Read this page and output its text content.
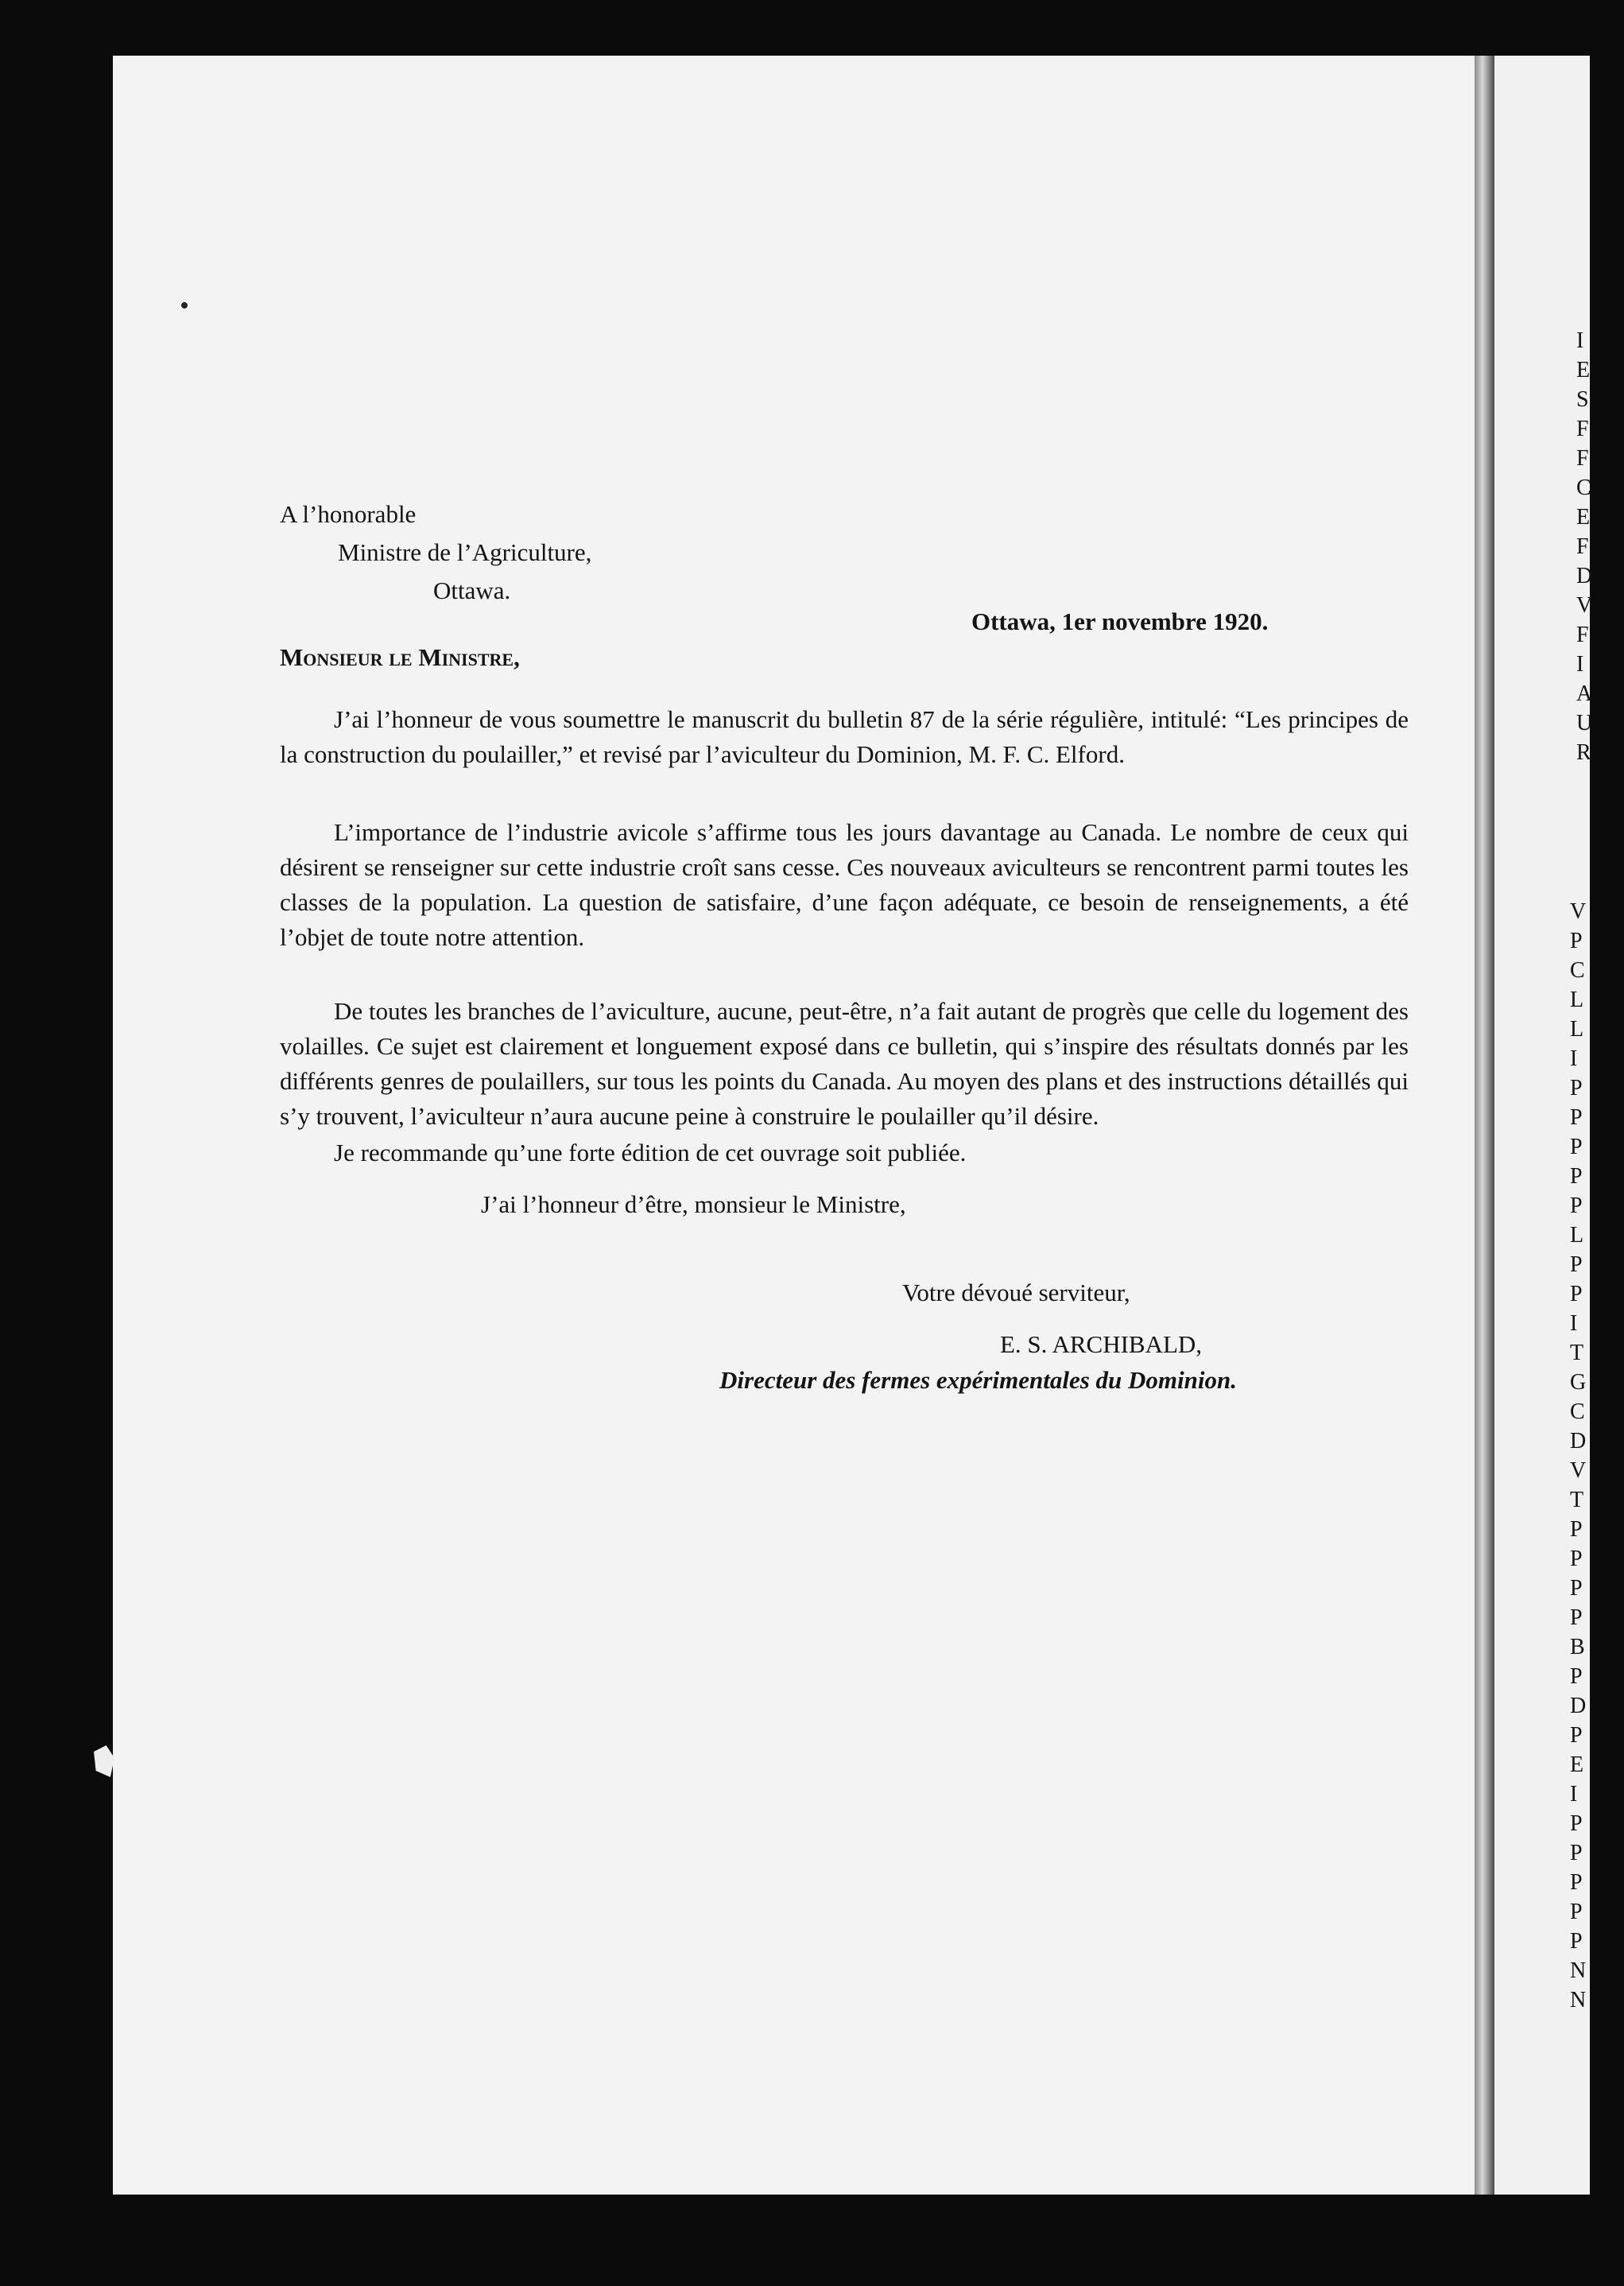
A l’honorable
Ministre de l’Agriculture,
Ottawa.
Ottawa, 1er novembre 1920.
Monsieur le Ministre,
J’ai l’honneur de vous soumettre le manuscrit du bulletin 87 de la série régulière, intitulé: “Les principes de la construction du poulailler,” et revisé par l’aviculteur du Dominion, M. F. C. Elford.
L’importance de l’industrie avicole s’affirme tous les jours davantage au Canada. Le nombre de ceux qui désirent se renseigner sur cette industrie croît sans cesse. Ces nouveaux aviculteurs se rencontrent parmi toutes les classes de la population. La question de satisfaire, d’une façon adéquate, ce besoin de renseignements, a été l’objet de toute notre attention.
De toutes les branches de l’aviculture, aucune, peut-être, n’a fait autant de progrès que celle du logement des volailles. Ce sujet est clairement et longuement exposé dans ce bulletin, qui s’inspire des résultats donnés par les différents genres de poulaillers, sur tous les points du Canada. Au moyen des plans et des instructions détaillés qui s’y trouvent, l’aviculteur n’aura aucune peine à construire le poulailler qu’il désire.
Je recommande qu’une forte édition de cet ouvrage soit publiée.
J’ai l’honneur d’être, monsieur le Ministre,
Votre dévoué serviteur,
E. S. ARCHIBALD,
Directeur des fermes expérimentales du Dominion.
I
E
S
F
F
C
E
F
D
V
F
I
A
U
R
V
P
C
L
L
I
P
P
P
P
P
L
P
P
I
T
G
C
D
V
T
P
P
P
P
B
P
D
P
E
I
P
P
P
P
P
N
N
